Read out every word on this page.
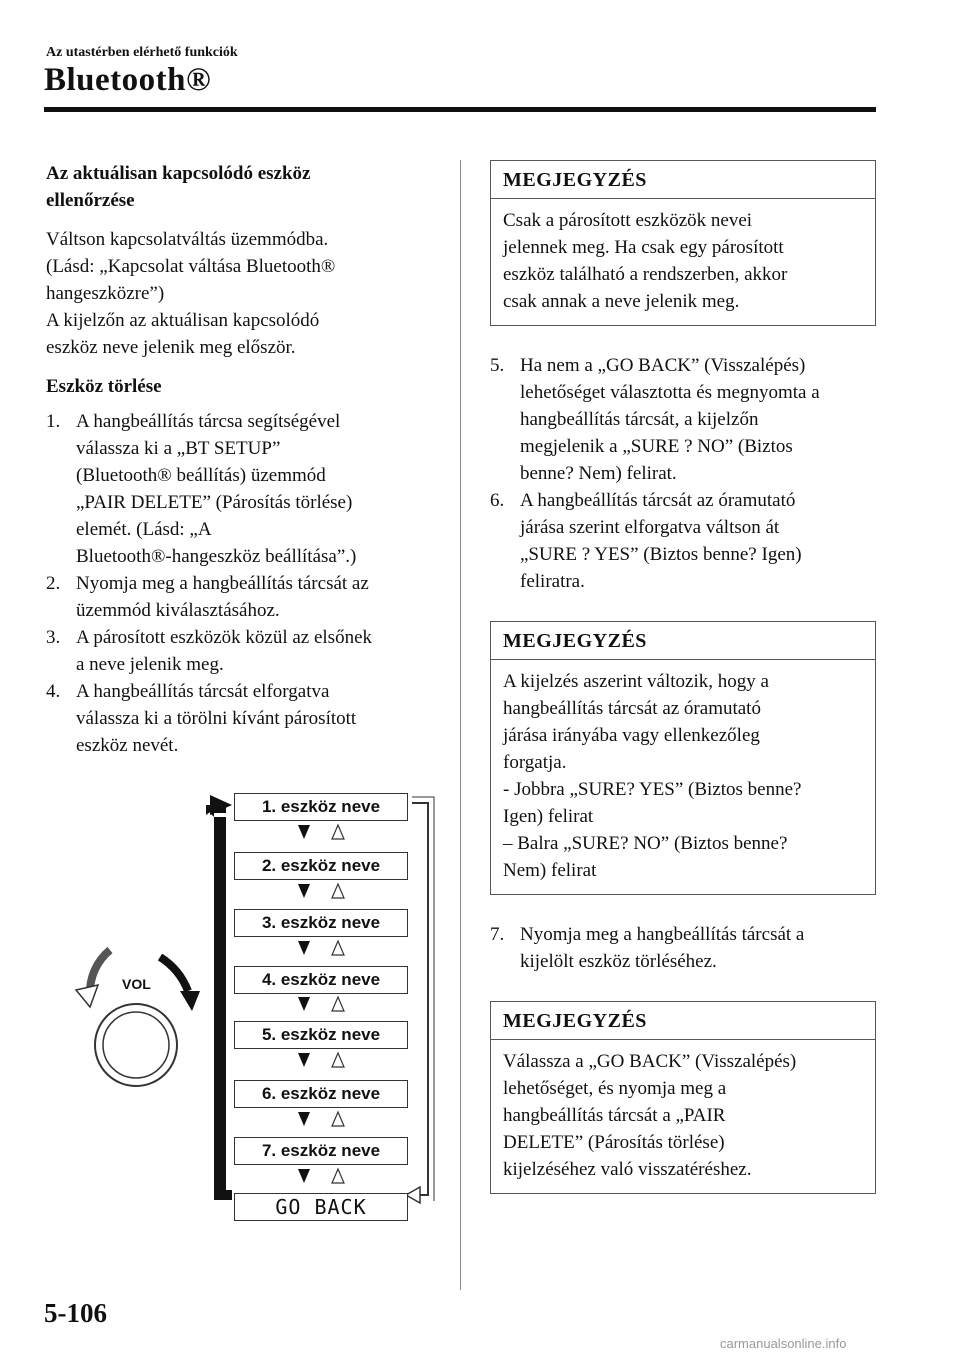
Az utastérben elérhető funkciók
Bluetooth®

Az aktuálisan kapcsolódó eszköz
ellenőrzése

Váltson kapcsolatváltás üzemmódba.
(Lásd: „Kapcsolat váltása Bluetooth®
hangeszközre”)
A kijelzőn az aktuálisan kapcsolódó
eszköz neve jelenik meg először.

Eszköz törlése

1. A hangbeállítás tárcsa segítségével
válassza ki a „BT SETUP”
(Bluetooth® beállítás) üzemmód
„PAIR DELETE” (Párosítás törlése)
elemét. (Lásd: „A
Bluetooth®-hangeszköz beállítása”.)
2. Nyomja meg a hangbeállítás tárcsát az
üzemmód kiválasztásához.
3. A párosított eszközök közül az elsőnek
a neve jelenik meg.
4. A hangbeállítás tárcsát elforgatva
válassza ki a törölni kívánt párosított
eszköz nevét.
VOL
1. eszköz neve
2. eszköz neve
3. eszköz neve
4. eszköz neve
5. eszköz neve
6. eszköz neve
7. eszköz neve
GO BACK
MEGJEGYZÉS
Csak a párosított eszközök nevei
jelennek meg. Ha csak egy párosított
eszköz található a rendszerben, akkor
csak annak a neve jelenik meg.
5. Ha nem a „GO BACK” (Visszalépés)
lehetőséget választotta és megnyomta a
hangbeállítás tárcsát, a kijelzőn
megjelenik a „SURE ? NO” (Biztos
benne? Nem) felirat.
6. A hangbeállítás tárcsát az óramutató
járása szerint elforgatva váltson át
„SURE ? YES” (Biztos benne? Igen)
feliratra.
MEGJEGYZÉS
A kijelzés aszerint változik, hogy a
hangbeállítás tárcsát az óramutató
járása irányába vagy ellenkezőleg
forgatja.
- Jobbra „SURE? YES” (Biztos benne?
Igen) felirat
– Balra „SURE? NO” (Biztos benne?
Nem) felirat
7. Nyomja meg a hangbeállítás tárcsát a
kijelölt eszköz törléséhez.
MEGJEGYZÉS
Válassza a „GO BACK” (Visszalépés)
lehetőséget, és nyomja meg a
hangbeállítás tárcsát a „PAIR
DELETE” (Párosítás törlése)
kijelzéséhez való visszatéréshez.
5-106
carmanualsonline.info
